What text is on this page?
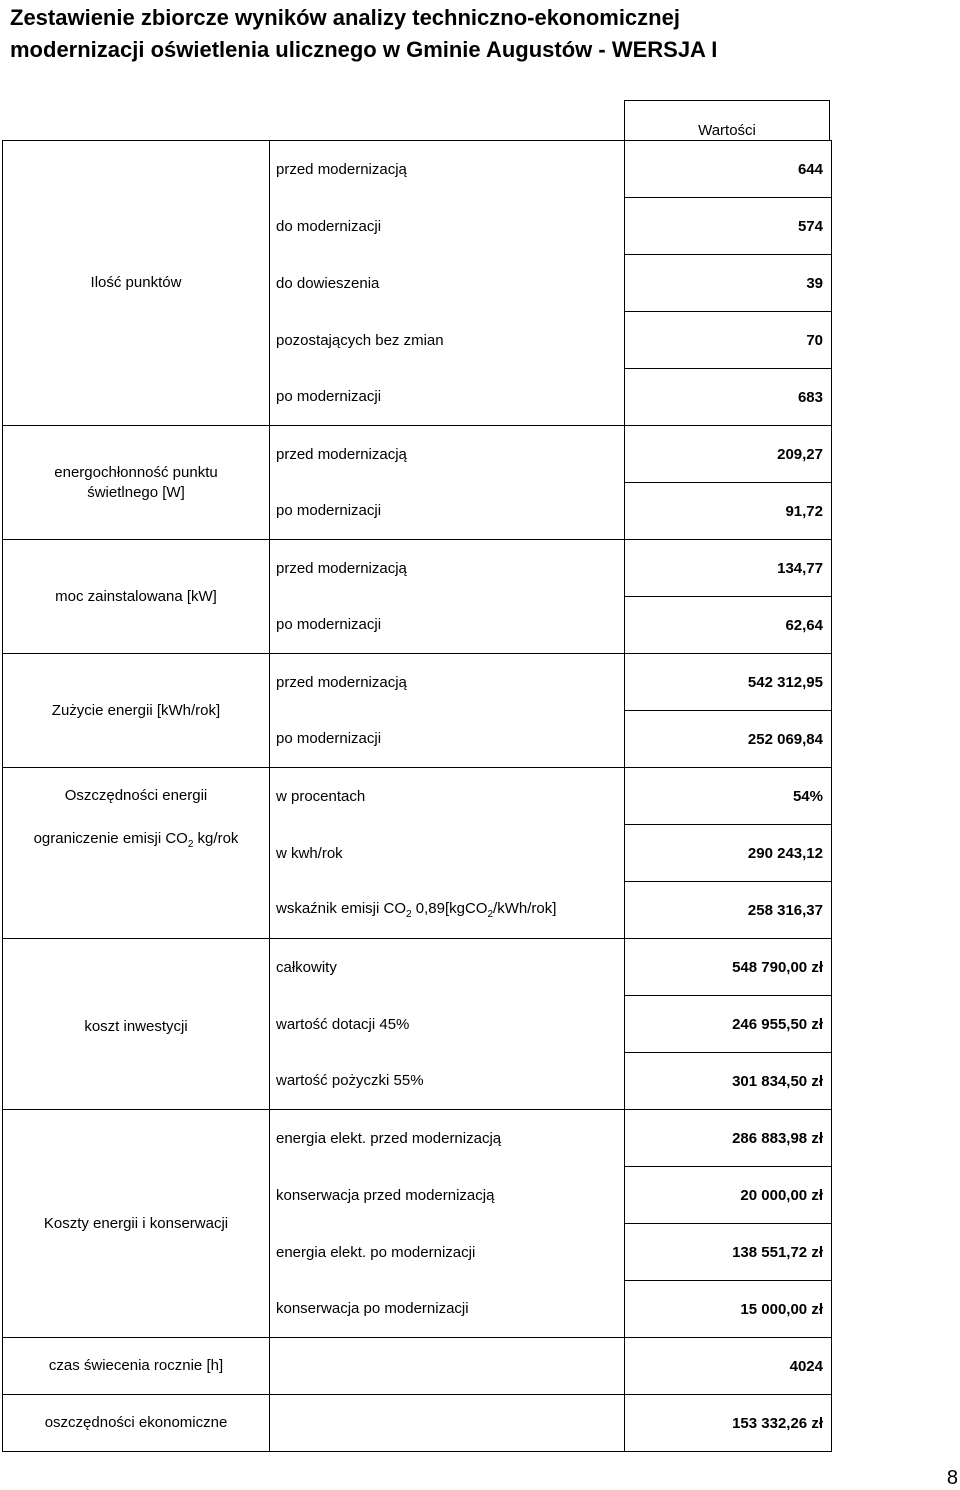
Zestawienie zbiorcze wyników analizy techniczno-ekonomicznej
modernizacji oświetlenia ulicznego w Gminie Augustów - WERSJA I
Wartości
Ilość punktów	przed modernizacją	644
	do modernizacji	574
	do dowieszenia	39
	pozostających bez zmian	70
	po modernizacji	683
energochłonność punktu
świetlnego [W]	przed modernizacją	209,27
	po modernizacji	91,72
moc zainstalowana [kW]	przed modernizacją	134,77
	po modernizacji	62,64
Zużycie energii [kWh/rok]	przed modernizacją	542 312,95
	po modernizacji	252 069,84
Oszczędności energii	w procentach	54%
ograniczenie emisji $CO_2$ kg/rok	w kwh/rok	290 243,12
	wskaźnik emisji $CO_2$ 0,89[kgCO$_2$/kWh/rok]	258 316,37
koszt inwestycji	całkowity	548 790,00 zł
	wartość dotacji 45%	246 955,50 zł
	wartość pożyczki 55%	301 834,50 zł
Koszty energii i konserwacji	energia elekt. przed modernizacją	286 883,98 zł
	konserwacja przed modernizacją	20 000,00 zł
	energia elekt. po modernizacji	138 551,72 zł
	konserwacja po modernizacji	15 000,00 zł
czas świecenia rocznie [h]		4024
oszczędności ekonomiczne		153 332,26 zł
8
